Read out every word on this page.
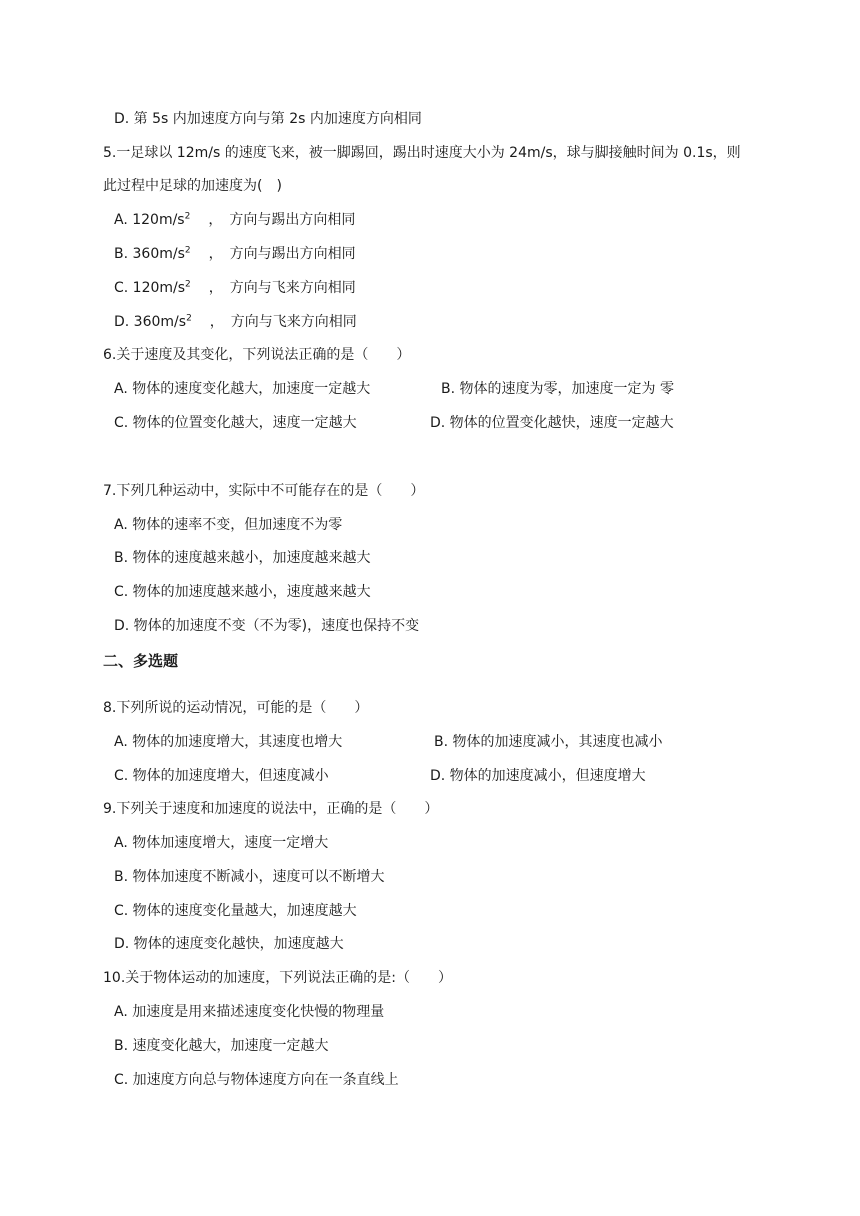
D. 第 5s 内加速度方向与第 2s 内加速度方向相同
5.一足球以 12m/s 的速度飞来，被一脚踢回，踢出时速度大小为 24m/s，球与脚接触时间为 0.1s，则
此过程中足球的加速度为(　)
A. $120m/s^2$ ，　方向与踢出方向相同
B. $360m/s^2$ ，　方向与踢出方向相同
C. $120m/s^2$ ，　方向与飞来方向相同
D. $360m/s^2$ ，　方向与飞来方向相同
6.关于速度及其变化，下列说法正确的是（　　）
A. 物体的速度变化越大，加速度一定越大	B. 物体的速度为零，加速度一定为 零
C. 物体的位置变化越大，速度一定越大	D. 物体的位置变化越快，速度一定越大
7.下列几种运动中，实际中不可能存在的是（　　）
A. 物体的速率不变，但加速度不为零
B. 物体的速度越来越小，加速度越来越大
C. 物体的加速度越来越小，速度越来越大
D. 物体的加速度不变（不为零)，速度也保持不变
二、多选题
8.下列所说的运动情况，可能的是（　　）
A. 物体的加速度增大，其速度也增大	B. 物体的加速度减小，其速度也减小
C. 物体的加速度增大，但速度减小	D. 物体的加速度减小，但速度增大
9.下列关于速度和加速度的说法中，正确的是（　　）
A. 物体加速度增大，速度一定增大
B. 物体加速度不断减小，速度可以不断增大
C. 物体的速度变化量越大，加速度越大
D. 物体的速度变化越快，加速度越大
10.关于物体运动的加速度，下列说法正确的是:（　　）
A. 加速度是用来描述速度变化快慢的物理量
B. 速度变化越大，加速度一定越大
C. 加速度方向总与物体速度方向在一条直线上
